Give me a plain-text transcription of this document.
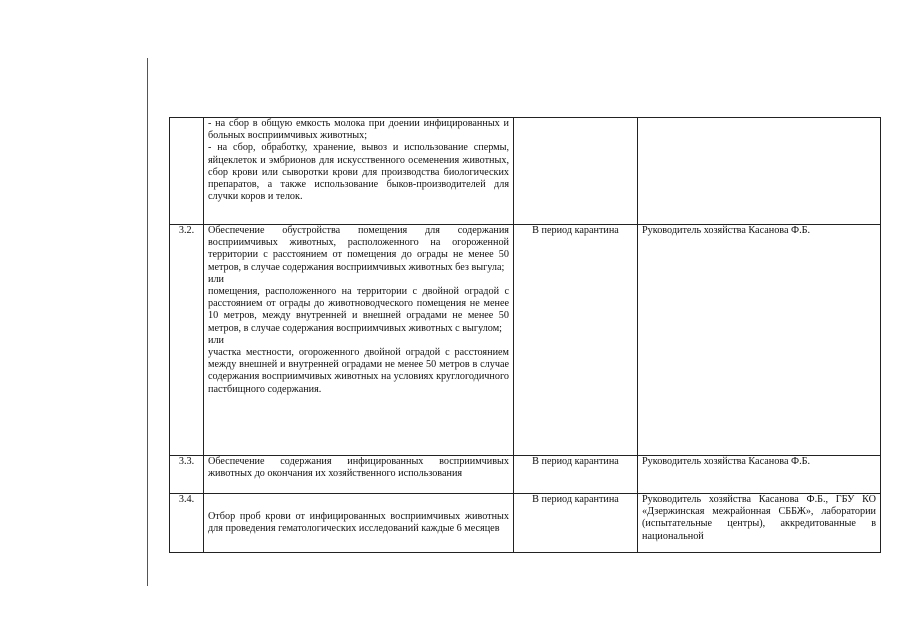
	- на сбор в общую емкость молока при доении инфицированных и больных восприимчивых животных;

- на сбор, обработку, хранение, вывоз и использование спермы, яйцеклеток и эмбрионов для искусственного осеменения животных, сбор крови или сыворотки крови для производства биологических препаратов, а также использование быков-производителей для случки коров и телок.		

3.2.	Обеспечение обустройства помещения для содержания восприимчивых животных, расположенного на огороженной территории с расстоянием от помещения до ограды не менее 50 метров, в случае содержания восприимчивых животных без выгула;

или

помещения, расположенного на территории с двойной оградой с расстоянием от ограды до животноводческого помещения не менее 10 метров, между внутренней и внешней оградами не менее 50 метров, в случае содержания восприимчивых животных с выгулом;

или

участка местности, огороженного двойной оградой с расстоянием между внешней и внутренней оградами не менее 50 метров в случае содержания восприимчивых животных на условиях круглогодичного пастбищного содержания.	В период карантина	Руководитель хозяйства Касанова Ф.Б.
3.3.	Обеспечение содержания инфицированных восприимчивых животных до окончания их хозяйственного использования	В период карантина	Руководитель хозяйства Касанова Ф.Б.
3.4.	Отбор проб крови от инфицированных восприимчивых животных для проведения гематологических исследований каждые 6 месяцев	В период карантина	Руководитель хозяйства Касанова Ф.Б., ГБУ КО «Дзержинская межрайонная СББЖ», лаборатории (испытательные центры), аккредитованные в национальной
